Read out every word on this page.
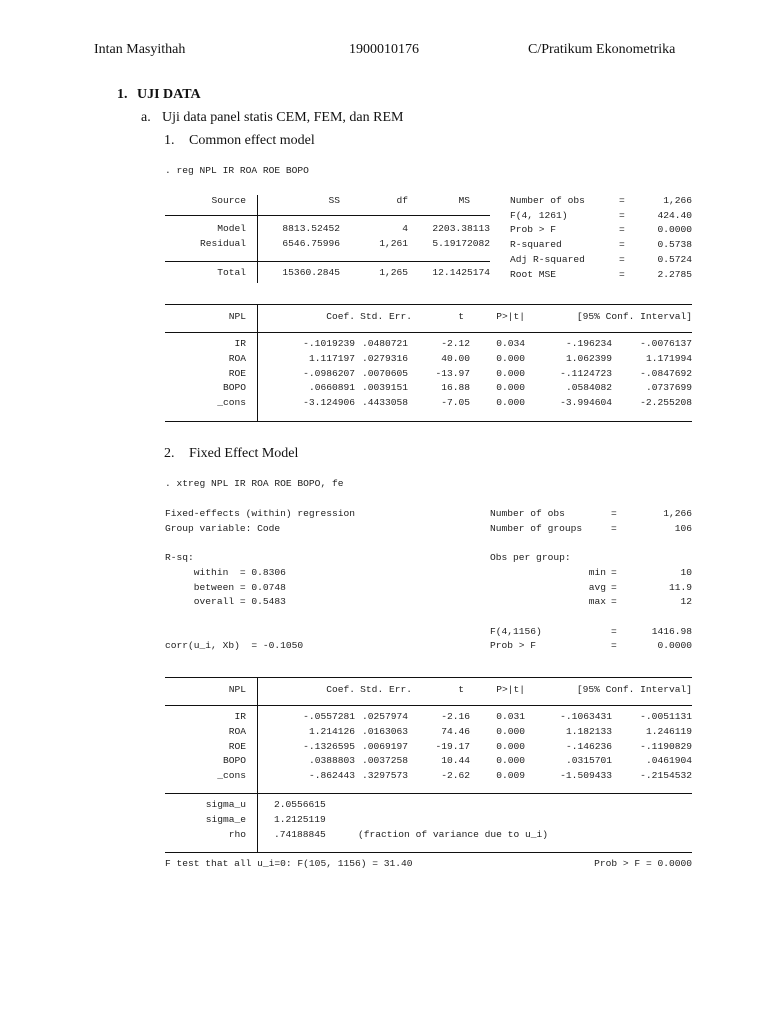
Intan Masyithah	1900010176	C/Pratikum Ekonometrika
1. UJI DATA
a. Uji data panel statis CEM, FEM, dan REM
1. Common effect model
. reg NPL IR ROA ROE BOPO
Source	SS	df	MS
Model	8813.52452	4	2203.38113
Residual	6546.75996	1,261	5.19172082
Total	15360.2845	1,265	12.1425174
Number of obs	=	1,266
F(4, 1261)	=	424.40
Prob > F	=	0.0000
R-squared	=	0.5738
Adj R-squared	=	0.5724
Root MSE	=	2.2785
NPL	Coef. Std. Err.	t	P>|t|	[95% Conf. Interval]
IR	-.1019239 .0480721	-2.12	0.034	-.196234	-.0076137
ROA	1.117197 .0279316	40.00	0.000	1.062399	1.171994
ROE	-.0986207 .0070605	-13.97	0.000	-.1124723	-.0847692
BOPO	.0660891 .0039151	16.88	0.000	.0584082	.0737699
_cons	-3.124906 .4433058	-7.05	0.000	-3.994604	-2.255208
2. Fixed Effect Model
. xtreg NPL IR ROA ROE BOPO, fe
Fixed-effects (within) regression
Group variable: Code
R-sq:
within  = 0.8306
between = 0.0748
overall = 0.5483
corr(u_i, Xb)  = -0.1050
Number of obs	=	1,266
Number of groups	=	106
Obs per group:
min =	10
avg =	11.9
max =	12
F(4,1156)	=	1416.98
Prob > F	=	0.0000
NPL	Coef. Std. Err.	t	P>|t|	[95% Conf. Interval]
IR	-.0557281 .0257974	-2.16	0.031	-.1063431	-.0051131
ROA	1.214126 .0163063	74.46	0.000	1.182133	1.246119
ROE	-.1326595 .0069197	-19.17	0.000	-.146236	-.1190829
BOPO	.0388803 .0037258	10.44	0.000	.0315701	.0461904
_cons	-.862443 .3297573	-2.62	0.009	-1.509433	-.2154532
sigma_u	2.0556615
sigma_e	1.2125119
rho	.74188845	(fraction of variance due to u_i)
F test that all u_i=0: F(105, 1156) = 31.40	Prob > F = 0.0000
